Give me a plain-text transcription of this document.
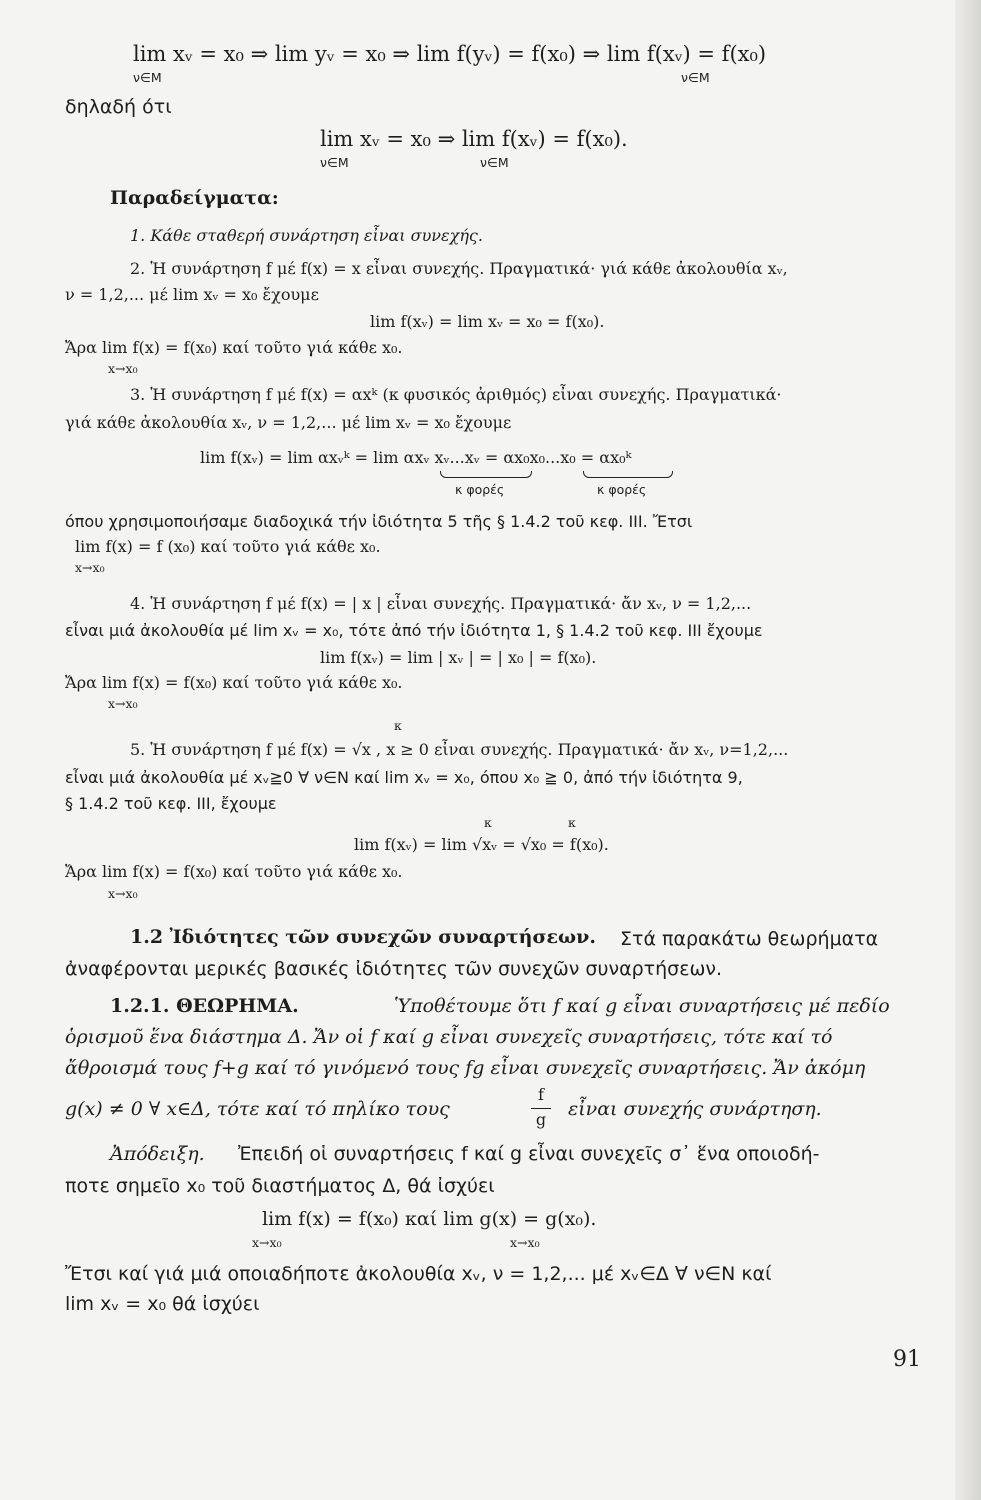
lim xᵥ = x₀ ⇒ lim yᵥ = x₀ ⇒ lim f(yᵥ) = f(x₀) ⇒ lim f(xᵥ) = f(x₀)
ν∈M	ν∈M
δηλαδή ότι
lim xᵥ = x₀ ⇒ lim f(xᵥ) = f(x₀).
ν∈M	ν∈M
Παραδείγματα:
1. Κάθε σταθερή συνάρτηση εἶναι συνεχής.
2. Ἡ συνάρτηση f μέ f(x) = x εἶναι συνεχής. Πραγματικά· γιά κάθε ἀκολουθία xᵥ,
ν = 1,2,... μέ lim xᵥ = x₀ ἔχουμε
lim f(xᵥ) = lim xᵥ = x₀ = f(x₀).
Ἄρα lim f(x) = f(x₀) καί τοῦτο γιά κάθε x₀.
x→x₀
3. Ἡ συνάρτηση f μέ f(x) = αxᵏ (κ φυσικός ἀριθμός) εἶναι συνεχής. Πραγματικά·
γιά κάθε ἀκολουθία xᵥ, ν = 1,2,... μέ lim xᵥ = x₀ ἔχουμε
lim f(xᵥ) = lim αxᵥᵏ = lim αxᵥ xᵥ...xᵥ = αx₀x₀...x₀ = αx₀ᵏ
κ φορές	κ φορές
όπου χρησιμοποιήσαμε διαδοχικά τήν ἰδιότητα 5 τῆς § 1.4.2 τοῦ κεφ. III. Ἔτσι
lim f(x) = f (x₀) καί τοῦτο γιά κάθε x₀.
x→x₀
4. Ἡ συνάρτηση f μέ f(x) = | x | εἶναι συνεχής. Πραγματικά· ἄν xᵥ, ν = 1,2,...
εἶναι μιά ἀκολουθία μέ lim xᵥ = x₀, τότε ἀπό τήν ἰδιότητα 1, § 1.4.2 τοῦ κεφ. III ἔχουμε
lim f(xᵥ) = lim | xᵥ | = | x₀ | = f(x₀).
Ἄρα lim f(x) = f(x₀) καί τοῦτο γιά κάθε x₀.
x→x₀
κ
5. Ἡ συνάρτηση f μέ f(x) = √x , x ≥ 0 εἶναι συνεχής. Πραγματικά· ἄν xᵥ, ν=1,2,...
εἶναι μιά ἀκολουθία μέ xᵥ≧0 ∀ ν∈N καί lim xᵥ = x₀, όπου x₀ ≧ 0, ἀπό τήν ἰδιότητα 9,
§ 1.4.2 τοῦ κεφ. III, ἔχουμε
κ	κ
lim f(xᵥ) = lim √xᵥ = √x₀ = f(x₀).
Ἄρα lim f(x) = f(x₀) καί τοῦτο γιά κάθε x₀.
x→x₀
1.2 Ἰδιότητες τῶν συνεχῶν συναρτήσεων. Στά παρακάτω θεωρήματα
ἀναφέρονται μερικές βασικές ἰδιότητες τῶν συνεχῶν συναρτήσεων.
1.2.1. ΘΕΩΡΗΜΑ.	Ὑποθέτουμε ὅτι f καί g εἶναι συναρτήσεις μέ πεδίο
ὁρισμοῦ ἕνα διάστημα Δ. Ἄν οἱ f καί g εἶναι συνεχεῖς συναρτήσεις, τότε καί τό
ἄθροισμά τους f+g καί τό γινόμενό τους fg εἶναι συνεχεῖς συναρτήσεις. Ἄν ἀκόμη
g(x) ≠ 0 ∀ x∈Δ, τότε καί τό πηλίκο τους
f
g εἶναι συνεχής συνάρτηση.
Ἀπόδειξη. Ἐπειδή οἱ συναρτήσεις f καί g εἶναι συνεχεῖς σ᾽ ἕνα οποιοδή-
ποτε σημεῖο x₀ τοῦ διαστήματος Δ, θά ἰσχύει
lim f(x) = f(x₀) καί lim g(x) = g(x₀).
x→x₀	x→x₀
Ἔτσι καί γιά μιά οποιαδήποτε ἀκολουθία xᵥ, ν = 1,2,... μέ xᵥ∈Δ ∀ ν∈N καί
lim xᵥ = x₀ θά ἰσχύει
91
